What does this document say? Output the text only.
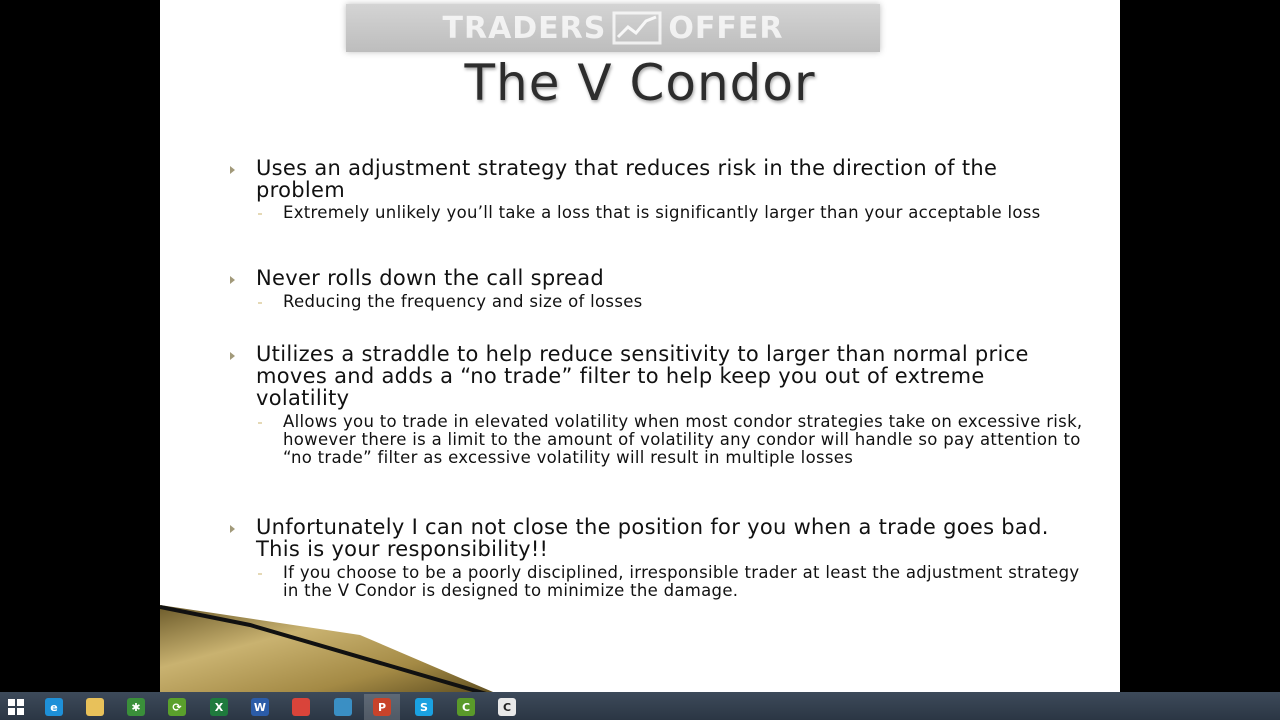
TRADERS OFFER
The V Condor
Uses an adjustment strategy that reduces risk in the direction of the problem
Extremely unlikely you’ll take a loss that is significantly larger than your acceptable loss
Never rolls down the call spread
Reducing the frequency and size of losses
Utilizes a straddle to help reduce sensitivity to larger than normal price moves and adds a “no trade” filter to help keep you out of extreme volatility
Allows you to trade in elevated volatility when most condor strategies take on excessive risk, however there is a limit to the amount of volatility any condor will handle so pay attention to “no trade” filter as excessive volatility will result in multiple losses
Unfortunately I can not close the position for you when a trade goes bad. This is your responsibility!!
If you choose to be a poorly disciplined, irresponsible trader at least the adjustment strategy in the V Condor is designed to minimize the damage.
e	✱	⟳	X	W	P	S	C	C
